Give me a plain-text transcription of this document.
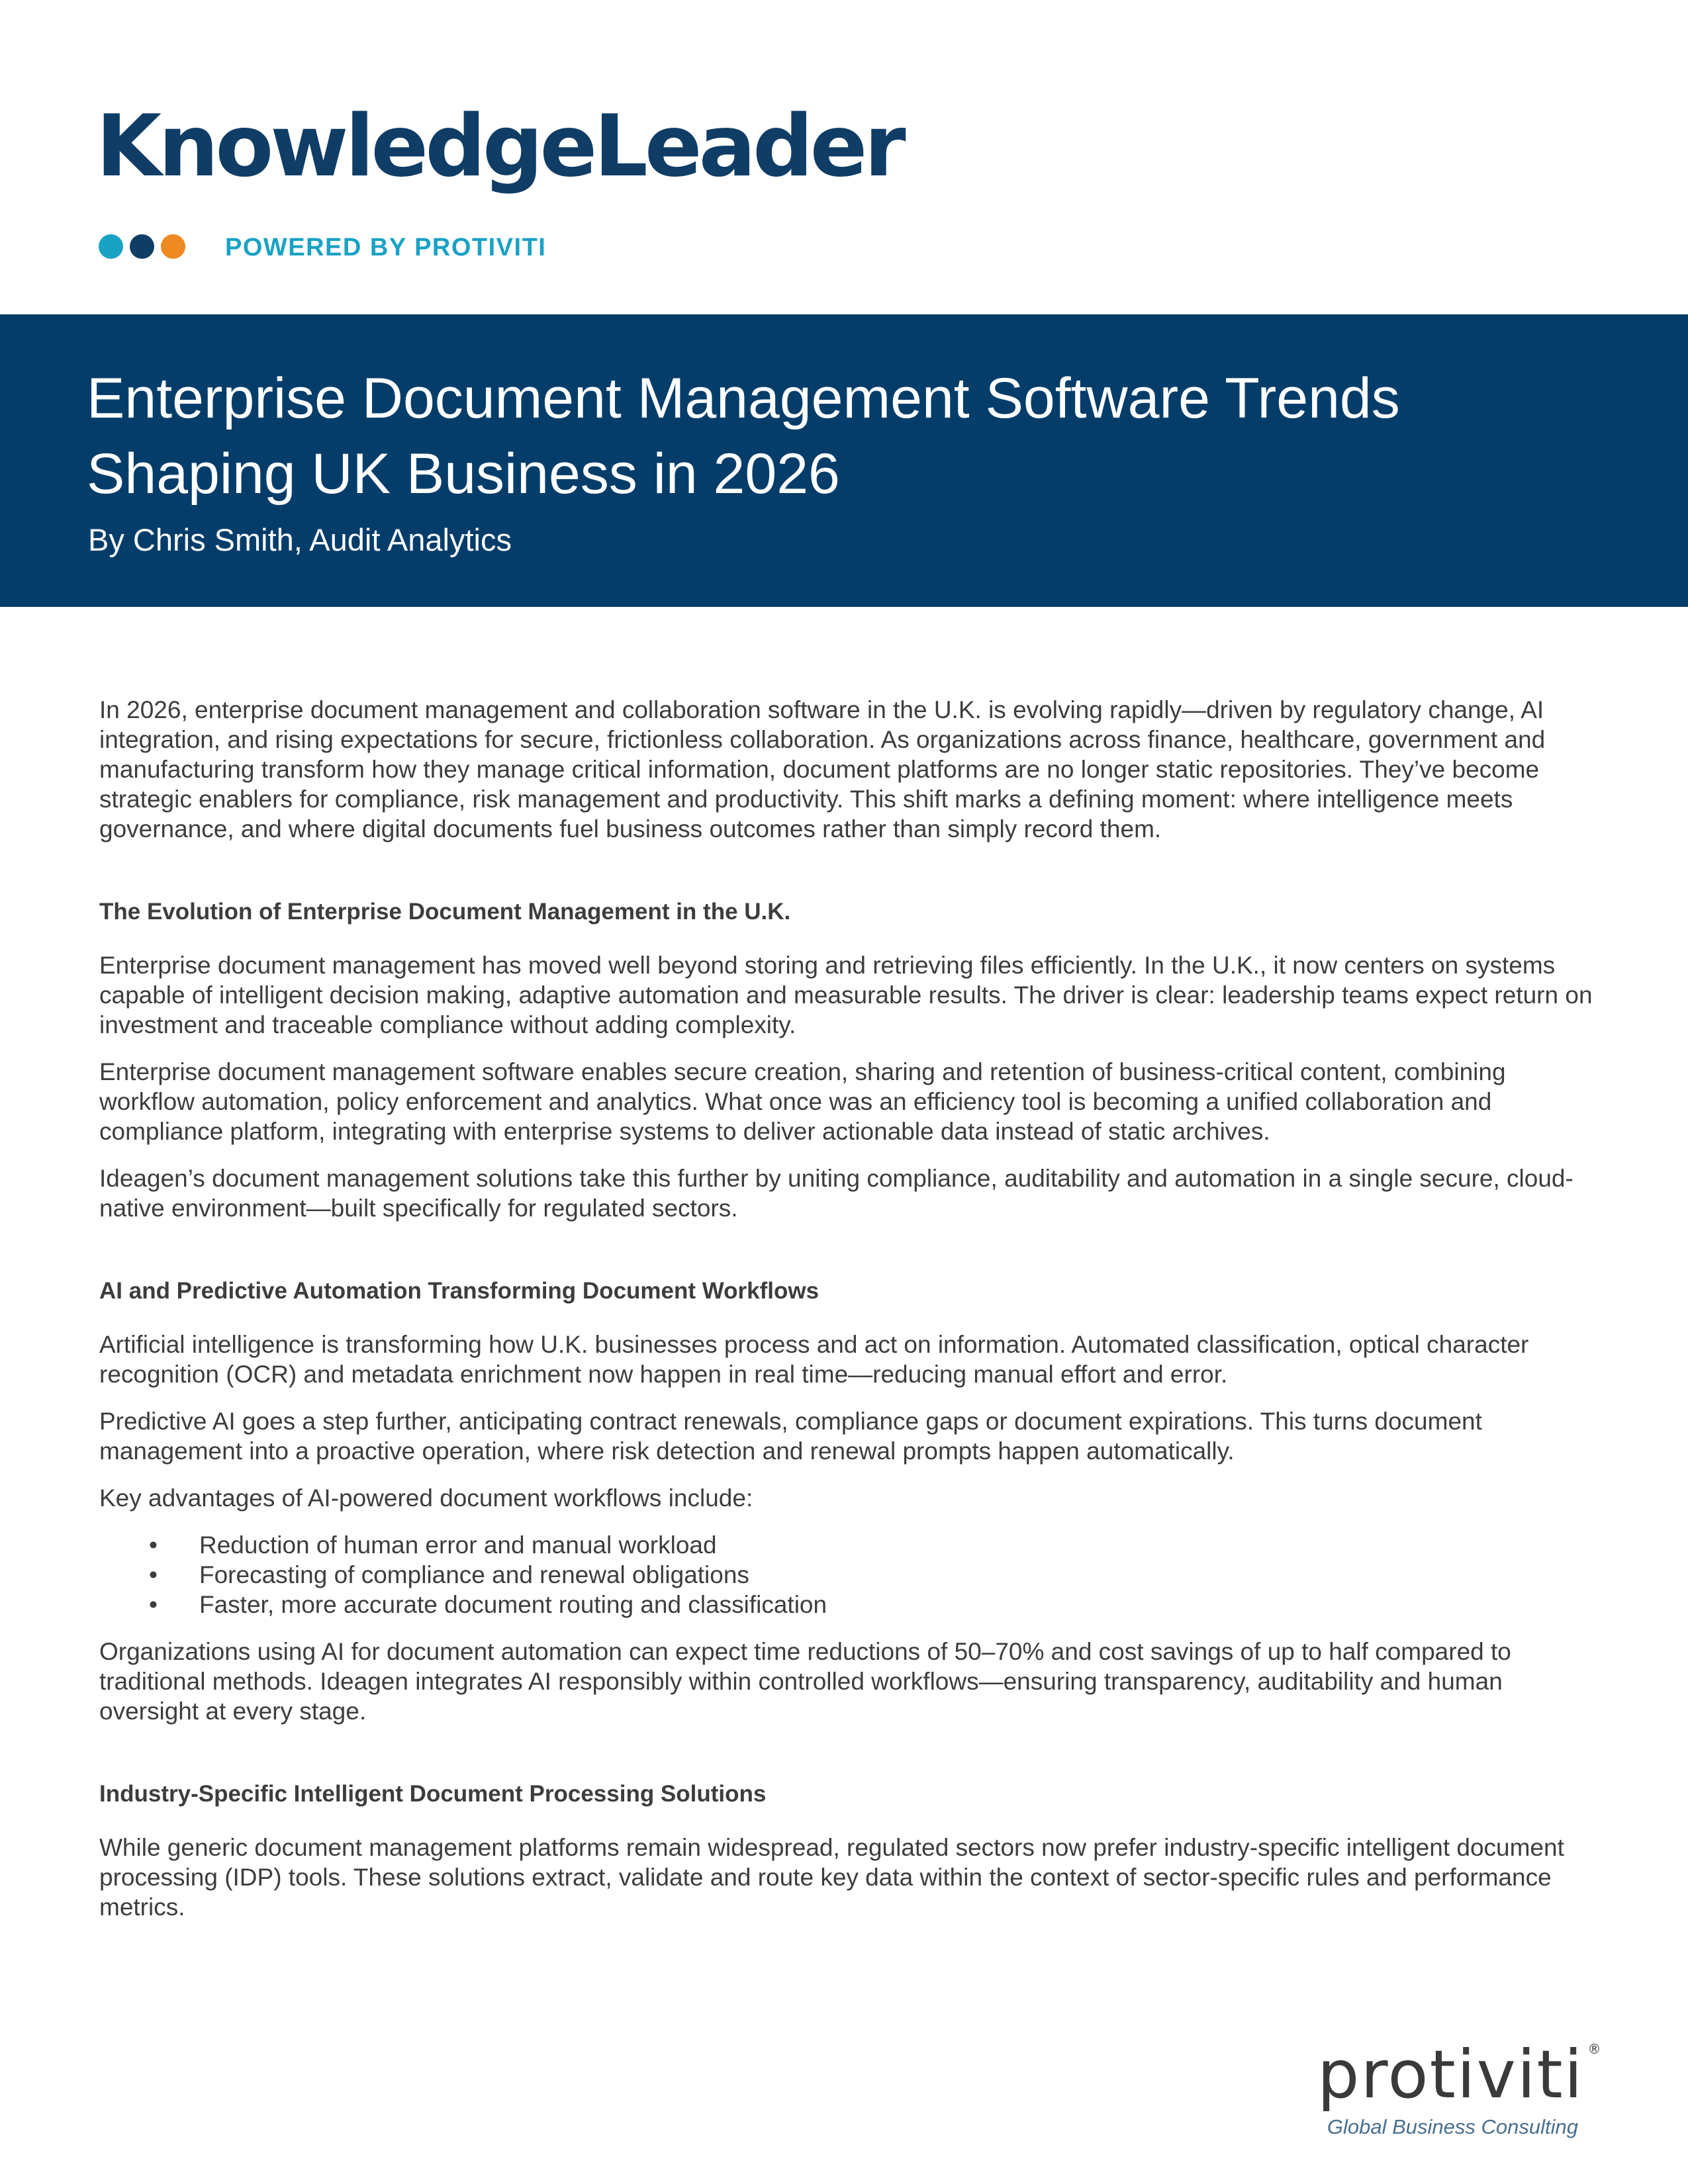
KnowledgeLeader
POWERED BY PROTIVITI
Enterprise Document Management Software Trends Shaping UK Business in 2026
By Chris Smith, Audit Analytics

In 2026, enterprise document management and collaboration software in the U.K. is evolving rapidly—driven by regulatory change, AI integration, and rising expectations for secure, frictionless collaboration. As organizations across finance, healthcare, government and manufacturing transform how they manage critical information, document platforms are no longer static repositories. They’ve become strategic enablers for compliance, risk management and productivity. This shift marks a defining moment: where intelligence meets governance, and where digital documents fuel business outcomes rather than simply record them.

The Evolution of Enterprise Document Management in the U.K.

Enterprise document management has moved well beyond storing and retrieving files efficiently. In the U.K., it now centers on systems capable of intelligent decision making, adaptive automation and measurable results. The driver is clear: leadership teams expect return on investment and traceable compliance without adding complexity.

Enterprise document management software enables secure creation, sharing and retention of business-critical content, combining workflow automation, policy enforcement and analytics. What once was an efficiency tool is becoming a unified collaboration and compliance platform, integrating with enterprise systems to deliver actionable data instead of static archives.

Ideagen’s document management solutions take this further by uniting compliance, auditability and automation in a single secure, cloud-native environment—built specifically for regulated sectors.

AI and Predictive Automation Transforming Document Workflows

Artificial intelligence is transforming how U.K. businesses process and act on information. Automated classification, optical character recognition (OCR) and metadata enrichment now happen in real time—reducing manual effort and error.

Predictive AI goes a step further, anticipating contract renewals, compliance gaps or document expirations. This turns document management into a proactive operation, where risk detection and renewal prompts happen automatically.

Key advantages of AI-powered document workflows include:

• Reduction of human error and manual workload
• Forecasting of compliance and renewal obligations
• Faster, more accurate document routing and classification

Organizations using AI for document automation can expect time reductions of 50–70% and cost savings of up to half compared to traditional methods. Ideagen integrates AI responsibly within controlled workflows—ensuring transparency, auditability and human oversight at every stage.

Industry-Specific Intelligent Document Processing Solutions

While generic document management platforms remain widespread, regulated sectors now prefer industry-specific intelligent document processing (IDP) tools. These solutions extract, validate and route key data within the context of sector-specific rules and performance metrics.

protiviti ®
Global Business Consulting
